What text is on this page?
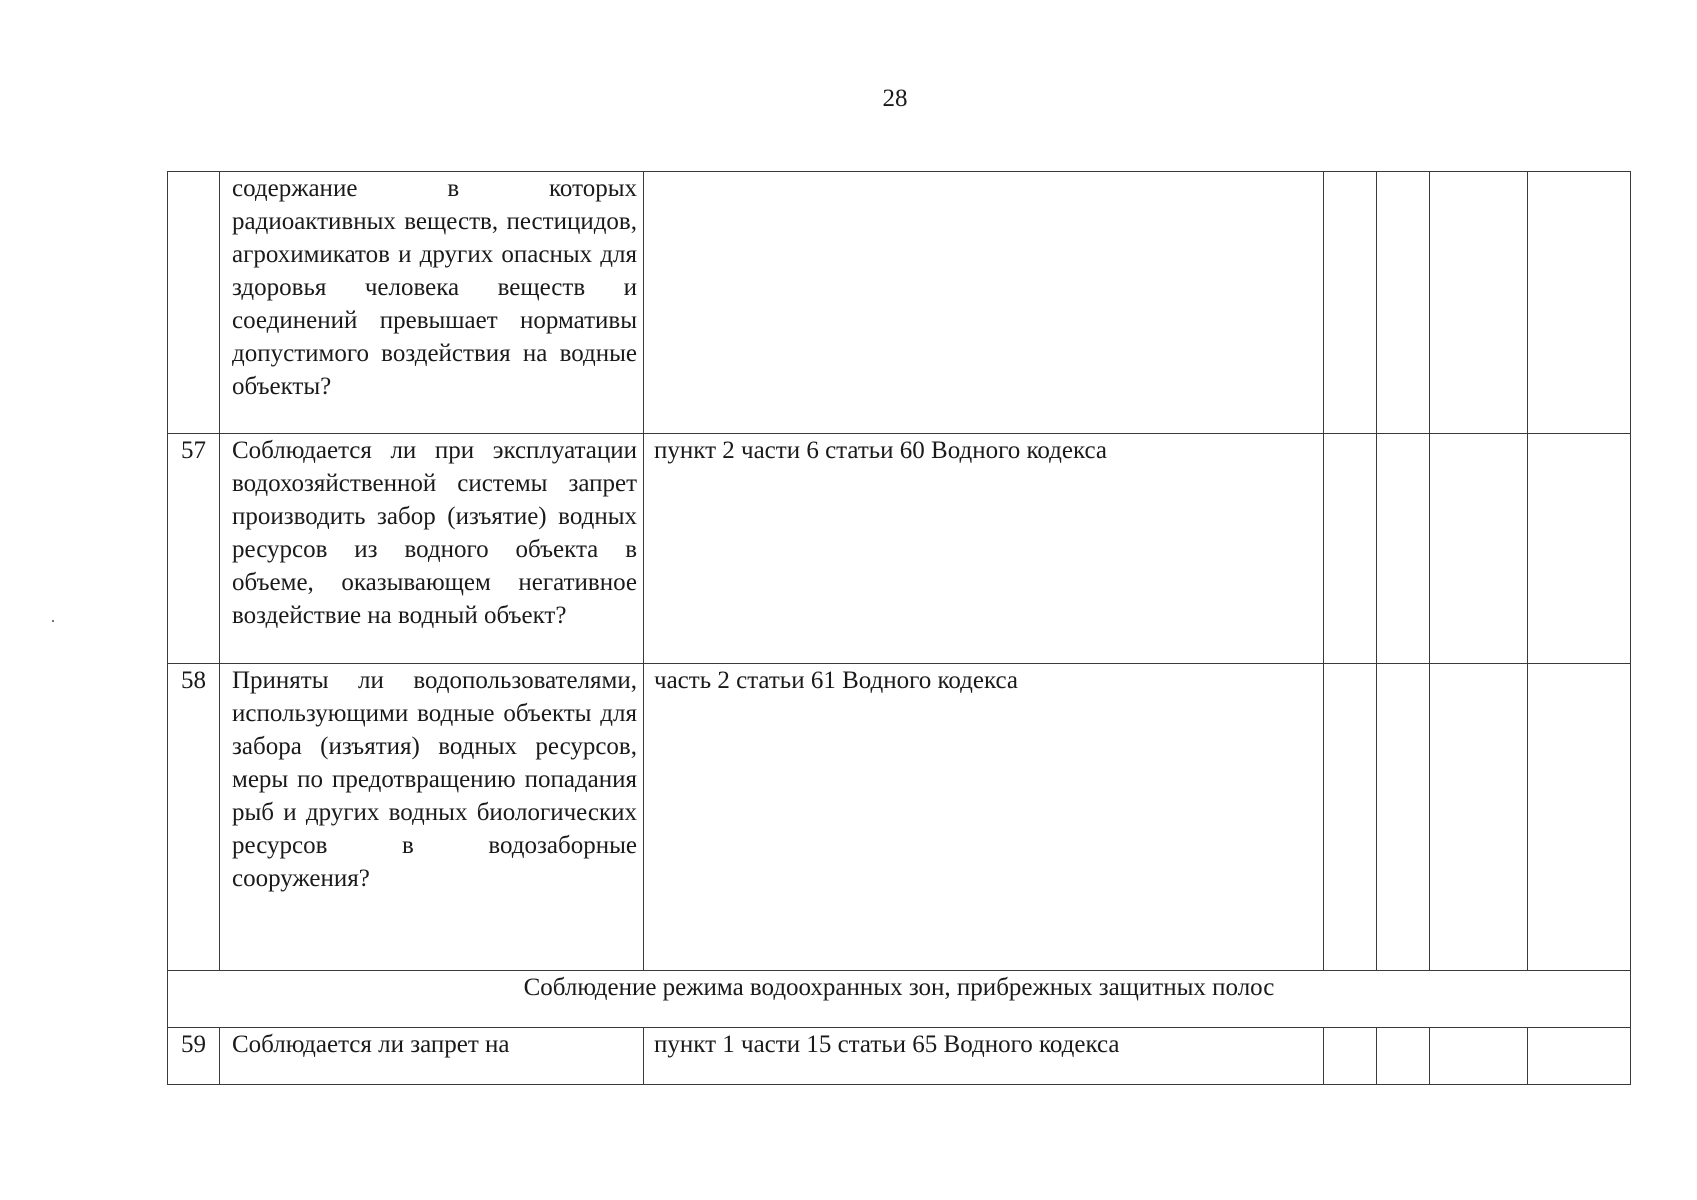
28
	содержание в которых радиоактивных веществ, пестицидов, агрохимикатов и других опасных для здоровья человека веществ и соединений превышает нормативы допустимого воздействия на водные объекты?					
57	Соблюдается ли при эксплуатации водохозяйственной системы запрет производить забор (изъятие) водных ресурсов из водного объекта в объеме, оказывающем негативное воздействие на водный объект?	пункт 2 части 6 статьи 60 Водного кодекса				
58	Приняты ли водопользователями, использующими водные объекты для забора (изъятия) водных ресурсов, меры по предотвращению попадания рыб и других водных биологических ресурсов в водозаборные сооружения?	часть 2 статьи 61 Водного кодекса				
Соблюдение режима водоохранных зон, прибрежных защитных полос						
59	Соблюдается ли запрет на	пункт 1 части 15 статьи 65 Водного кодекса				
